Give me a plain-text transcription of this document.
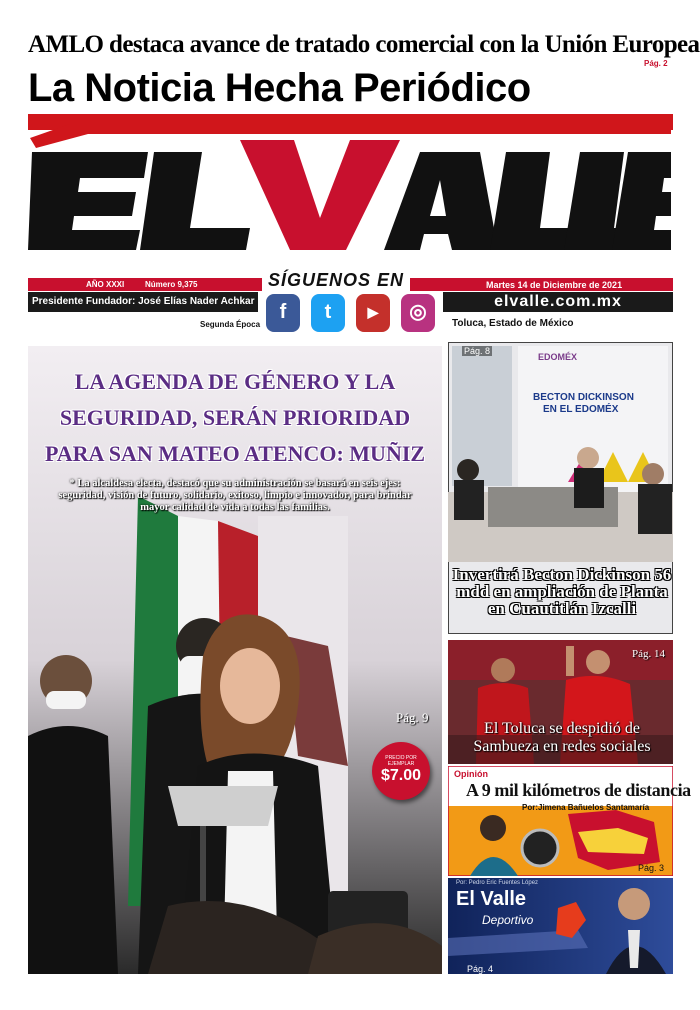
AMLO destaca avance de tratado comercial con la Unión Europea
Pág. 2
La Noticia Hecha Periódico
AÑO XXXI	Número 9,375	Martes 14 de Diciembre de 2021
SÍGUENOS EN
Presidente Fundador: José Elías Nader Achkar	elvalle.com.mx
Segunda Época	Toluca, Estado de México
f	t	▶	◎
LA AGENDA DE GÉNERO Y LA SEGURIDAD, SERÁN PRIORIDAD PARA SAN MATEO ATENCO: MUÑIZ
* La alcaldesa electa, destacó que su administración se basará en seis ejes: seguridad, visión de futuro, solidario, exitoso, limpio e innovador, para brindar mayor calidad de vida a todas las familias.
Pág. 9
PRECIO POR EJEMPLAR
$7.00
EDOMÉX
BECTON DICKINSON
EN EL EDOMÉX
Pág. 8
Invertirá Becton Dickinson 56 mdd en ampliación de Planta en Cuautitlán Izcalli
Pág. 14
El Toluca se despidió de Sambueza en redes sociales
Opinión
A 9 mil kilómetros de distancia
Por:Jimena Bañuelos Santamaría
Pág. 3
Por: Pedro Eric Fuentes López
El Valle
Deportivo
Pág. 4
